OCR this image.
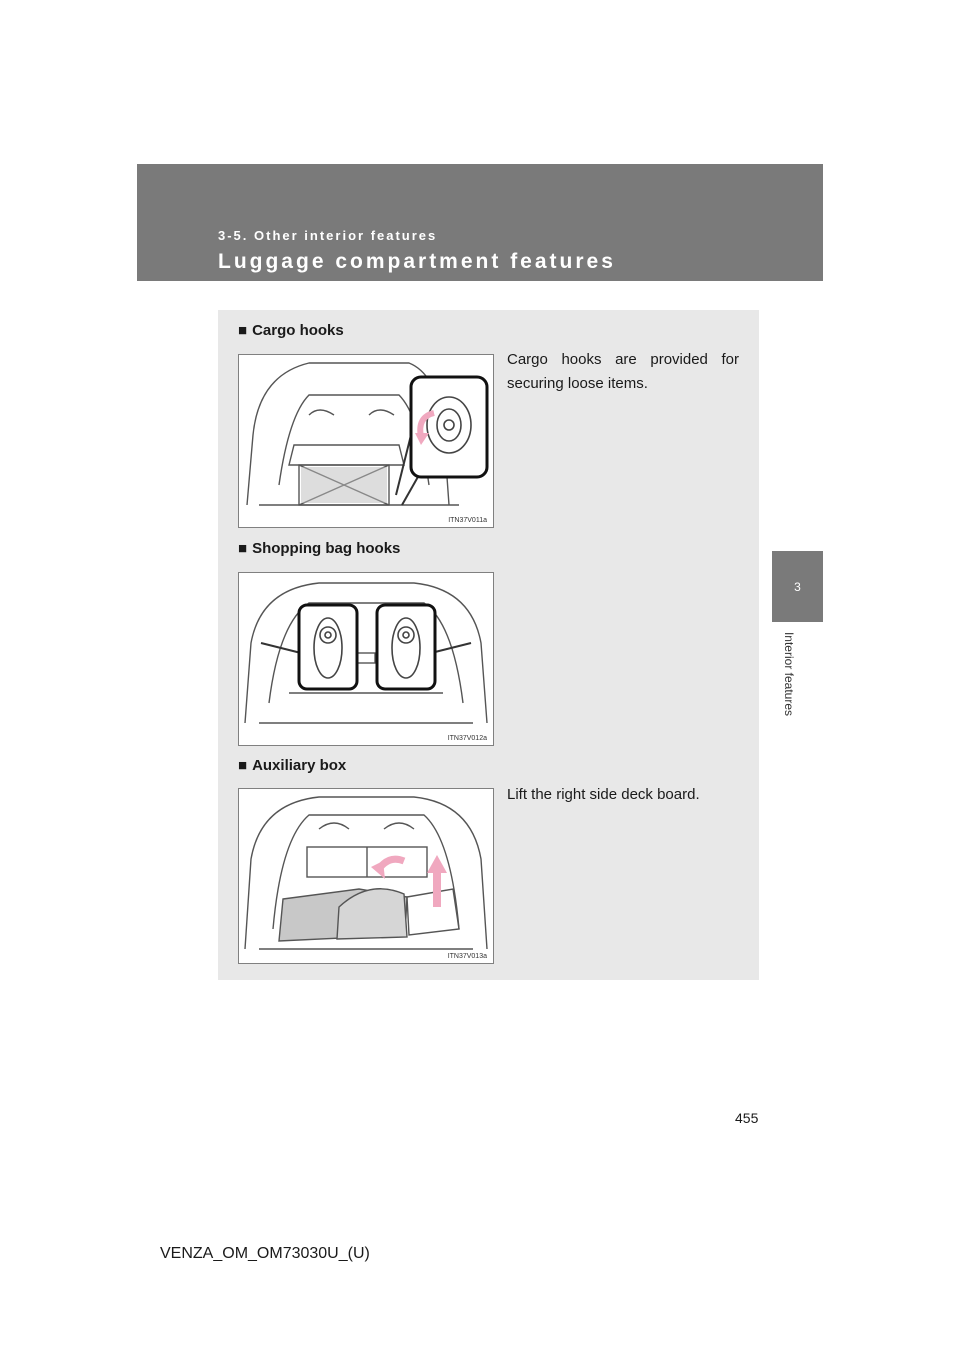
3-5. Other interior features
Luggage compartment features
3
Interior features
■ Cargo hooks
Cargo hooks are provided for securing loose items.
ITN37V011a
■ Shopping bag hooks
ITN37V012a
■ Auxiliary box
Lift the right side deck board.
ITN37V013a
455
VENZA_OM_OM73030U_(U)
